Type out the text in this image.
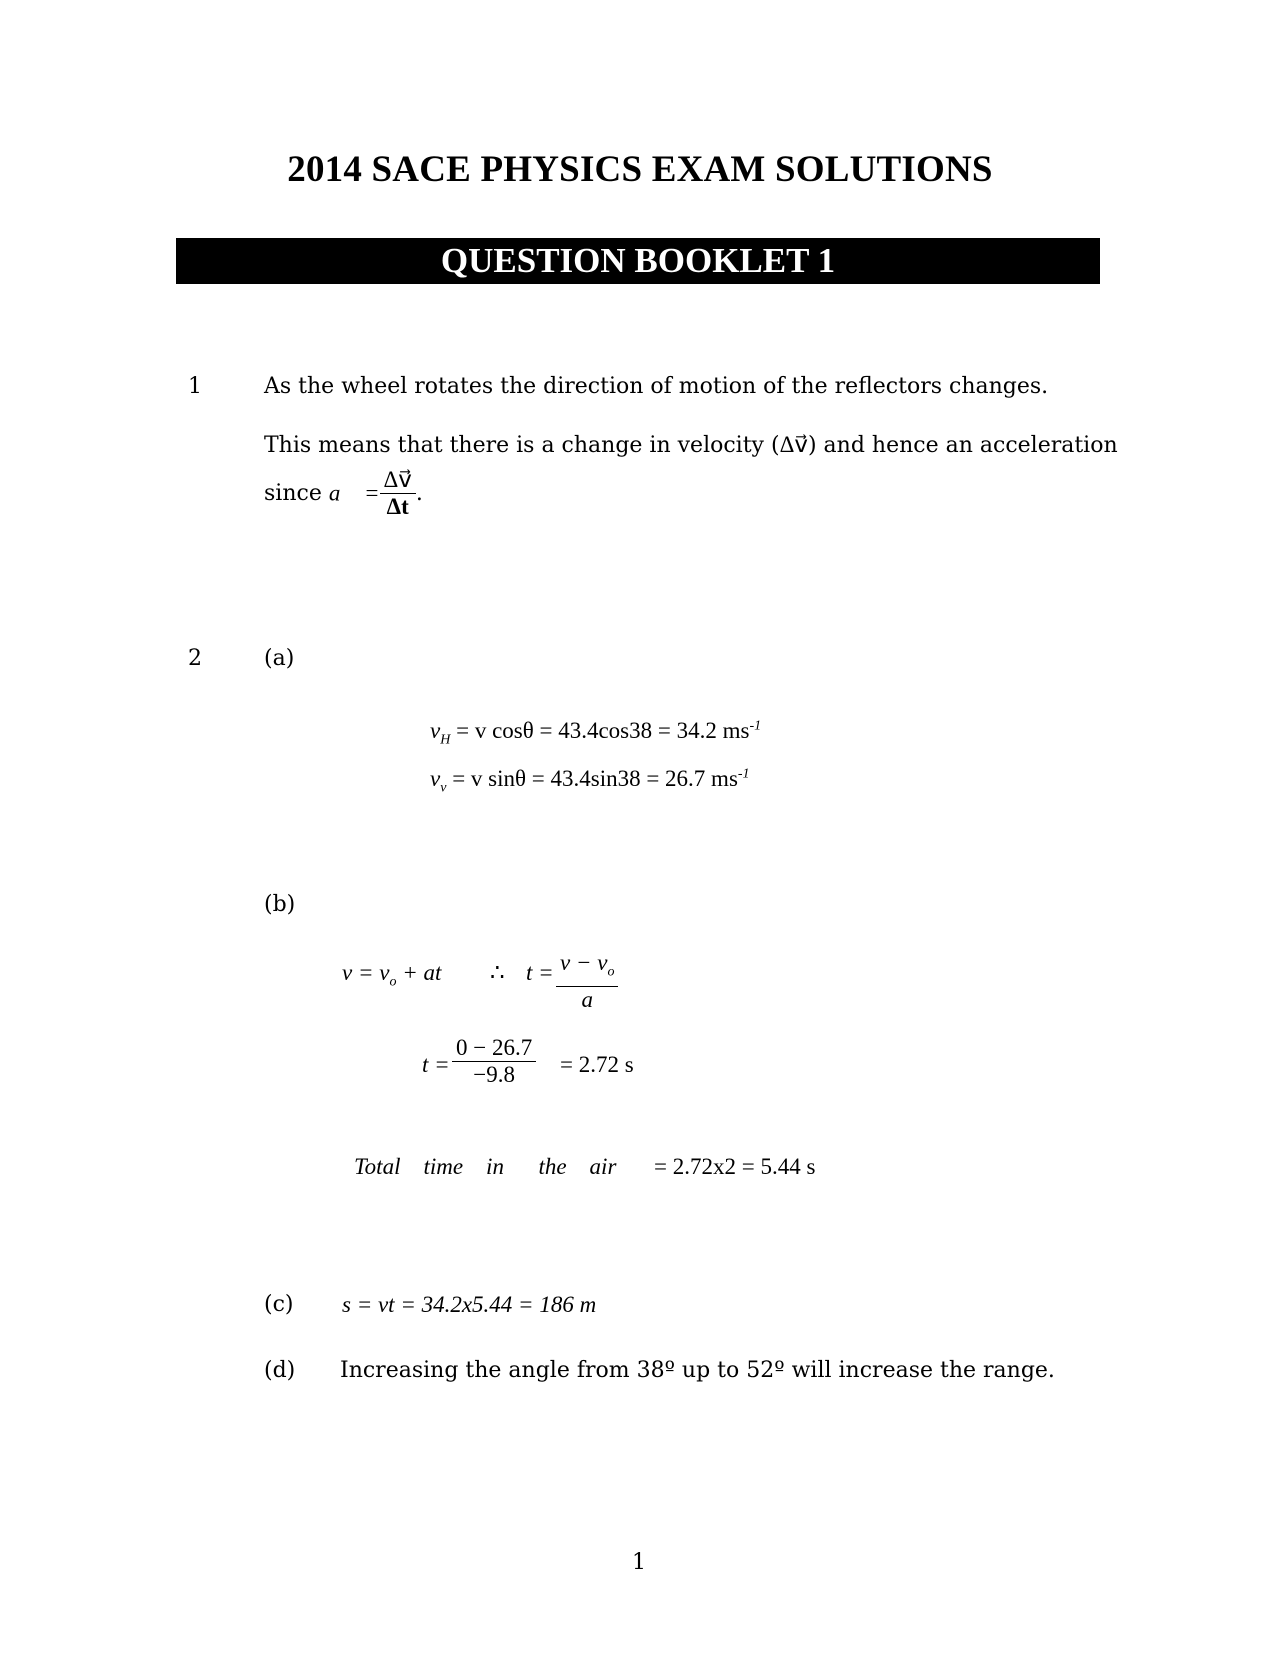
2014 SACE PHYSICS EXAM SOLUTIONS
QUESTION BOOKLET 1
1	As the wheel rotates the direction of motion of the reflectors changes.
This means that there is a change in velocity (Δv⃗) and hence an acceleration
since a⃗ = $\frac{\Delta v⃗}{\Delta t}$ .
2	(a)
$v_H = v$ cosθ = 43.4cos38 = 34.2 $ms^{-1}$
$v_v = v$ sinθ = 43.4sin38 = 26.7 $ms^{-1}$
(b)
$v = v_o$ + at ∴ $t = \frac{v - v_o}{a}$
$t = \frac{0 - 26.7}{-9.8} = 2.72$ s
Total    time    in      the    air = 2.72x2 = 5.44 s
(c) s = vt = 34.2x5.44 = 186 m
(d) Increasing the angle from 38º up to 52º will increase the range.
1
